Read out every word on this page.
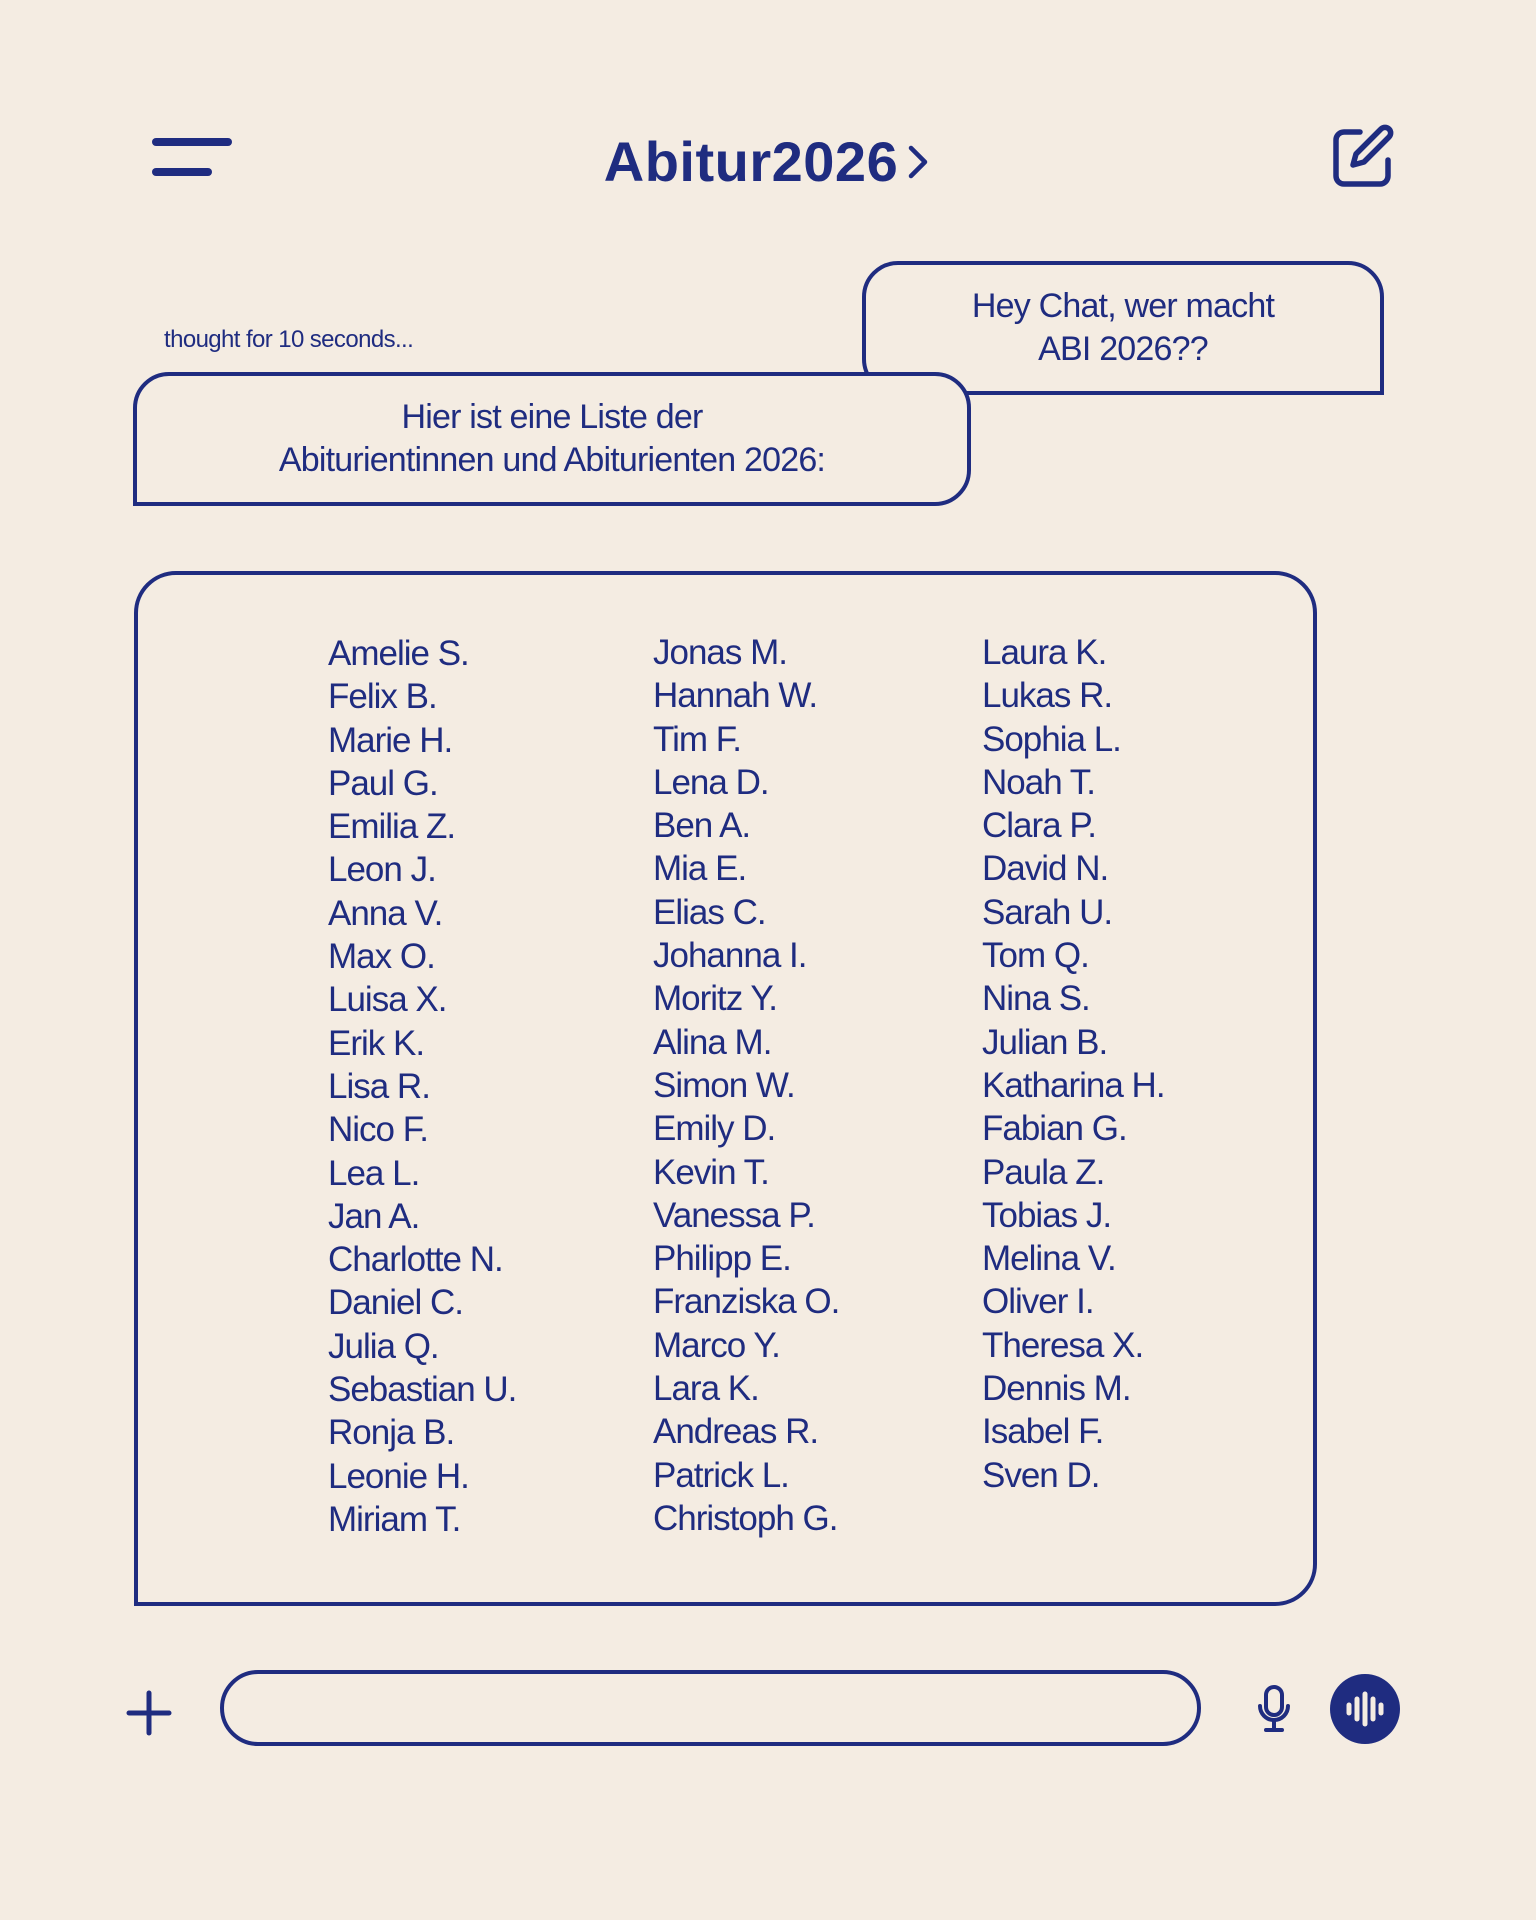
Abitur2026
Hey Chat, wer macht
ABI 2026??
thought for 10 seconds...
Hier ist eine Liste der
Abiturientinnen und Abiturienten 2026:
Amelie S.
Felix B.
Marie H.
Paul G.
Emilia Z.
Leon J.
Anna V.
Max O.
Luisa X.
Erik K.
Lisa R.
Nico F.
Lea L.
Jan A.
Charlotte N.
Daniel C.
Julia Q.
Sebastian U.
Ronja B.
Leonie H.
Miriam T.
Jonas M.
Hannah W.
Tim F.
Lena D.
Ben A.
Mia E.
Elias C.
Johanna I.
Moritz Y.
Alina M.
Simon W.
Emily D.
Kevin T.
Vanessa P.
Philipp E.
Franziska O.
Marco Y.
Lara K.
Andreas R.
Patrick L.
Christoph G.
Laura K.
Lukas R.
Sophia L.
Noah T.
Clara P.
David N.
Sarah U.
Tom Q.
Nina S.
Julian B.
Katharina H.
Fabian G.
Paula Z.
Tobias J.
Melina V.
Oliver I.
Theresa X.
Dennis M.
Isabel F.
Sven D.
